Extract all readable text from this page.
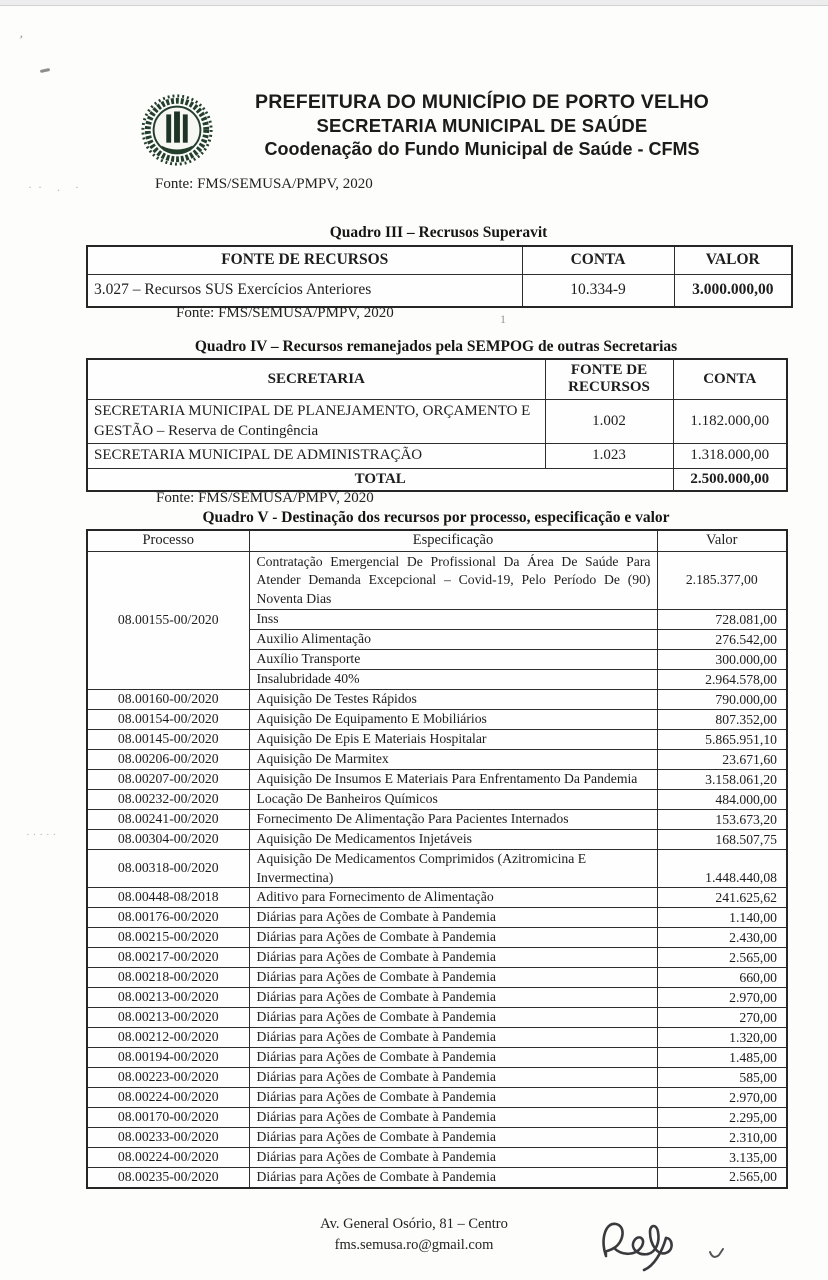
’
·· . ·
·····
1
PREFEITURA DO MUNICÍPIO DE PORTO VELHO
SECRETARIA MUNICIPAL DE SAÚDE
Coodenação do Fundo Municipal de Saúde - CFMS
Fonte: FMS/SEMUSA/PMPV, 2020
Quadro III – Recrusos Superavit
FONTE DE RECURSOS	CONTA	VALOR
3.027 – Recursos SUS Exercícios Anteriores	10.334-9	3.000.000,00
Fonte: FMS/SEMUSA/PMPV, 2020
Quadro IV – Recursos remanejados pela SEMPOG de outras Secretarias
SECRETARIA	FONTE DE RECURSOS	CONTA
SECRETARIA MUNICIPAL DE PLANEJAMENTO, ORÇAMENTO E GESTÃO – Reserva de Contingência	1.002	1.182.000,00
SECRETARIA MUNICIPAL DE ADMINISTRAÇÃO	1.023	1.318.000,00
TOTAL		2.500.000,00
Fonte: FMS/SEMUSA/PMPV, 2020
Quadro V - Destinação dos recursos por processo, especificação e valor
Processo	Especificação	Valor
08.00155-00/2020	Contratação Emergencial De Profissional Da Área De Saúde Para Atender Demanda Excepcional – Covid-19, Pelo Período De (90) Noventa Dias	2.185.377,00
	Inss	728.081,00
	Auxilio Alimentação	276.542,00
	Auxílio Transporte	300.000,00
	Insalubridade 40%	2.964.578,00
08.00160-00/2020	Aquisição De Testes Rápidos	790.000,00
08.00154-00/2020	Aquisição De Equipamento E Mobiliários	807.352,00
08.00145-00/2020	Aquisição De Epis E Materiais Hospitalar	5.865.951,10
08.00206-00/2020	Aquisição De Marmitex	23.671,60
08.00207-00/2020	Aquisição De Insumos E Materiais Para Enfrentamento Da Pandemia	3.158.061,20
08.00232-00/2020	Locação De Banheiros Químicos	484.000,00
08.00241-00/2020	Fornecimento De Alimentação Para Pacientes Internados	153.673,20
08.00304-00/2020	Aquisição De Medicamentos Injetáveis	168.507,75
08.00318-00/2020	Aquisição De Medicamentos Comprimidos (Azitromicina E Invermectina)	1.448.440,08
08.00448-08/2018	Aditivo para Fornecimento de Alimentação	241.625,62
08.00176-00/2020	Diárias para Ações de Combate à Pandemia	1.140,00
08.00215-00/2020	Diárias para Ações de Combate à Pandemia	2.430,00
08.00217-00/2020	Diárias para Ações de Combate à Pandemia	2.565,00
08.00218-00/2020	Diárias para Ações de Combate à Pandemia	660,00
08.00213-00/2020	Diárias para Ações de Combate à Pandemia	2.970,00
08.00213-00/2020	Diárias para Ações de Combate à Pandemia	270,00
08.00212-00/2020	Diárias para Ações de Combate à Pandemia	1.320,00
08.00194-00/2020	Diárias para Ações de Combate à Pandemia	1.485,00
08.00223-00/2020	Diárias para Ações de Combate à Pandemia	585,00
08.00224-00/2020	Diárias para Ações de Combate à Pandemia	2.970,00
08.00170-00/2020	Diárias para Ações de Combate à Pandemia	2.295,00
08.00233-00/2020	Diárias para Ações de Combate à Pandemia	2.310,00
08.00224-00/2020	Diárias para Ações de Combate à Pandemia	3.135,00
08.00235-00/2020	Diárias para Ações de Combate à Pandemia	2.565,00
Av. General Osório, 81 – Centro
fms.semusa.ro@gmail.com
